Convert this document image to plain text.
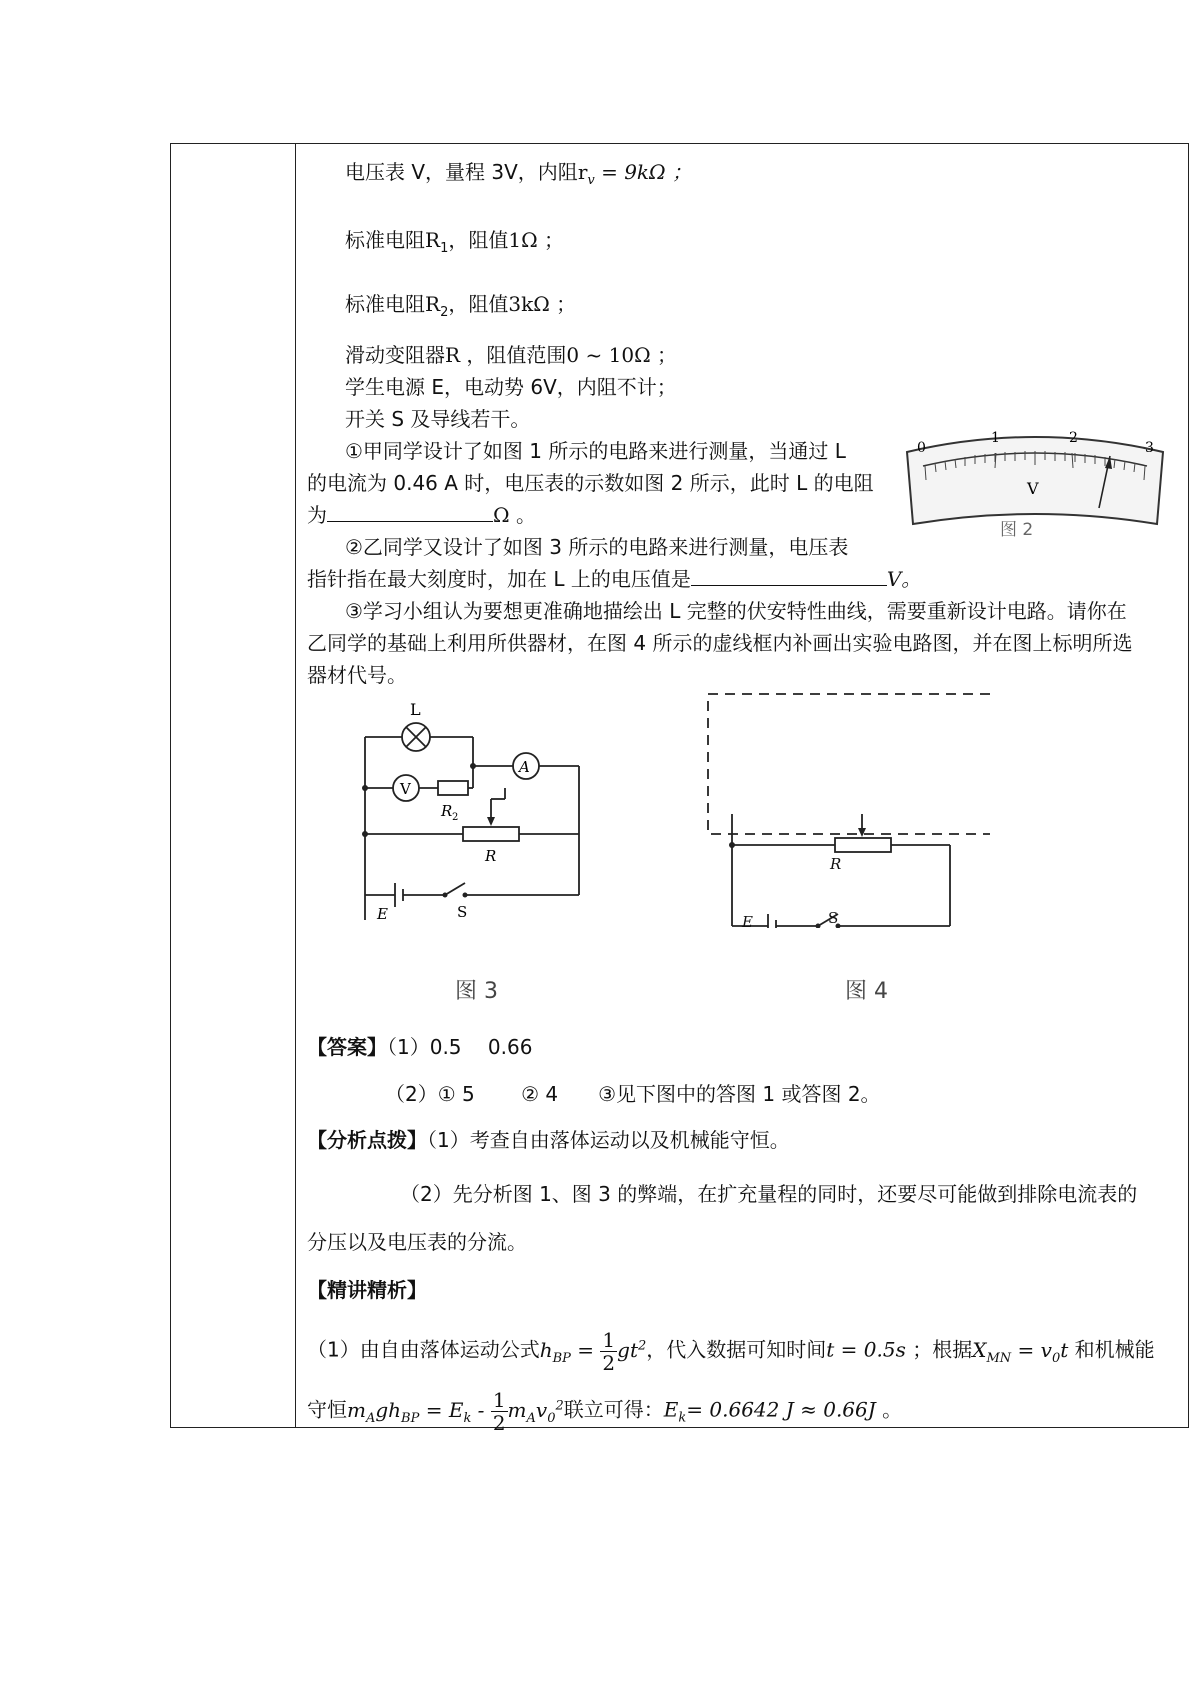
电压表 V，量程 3V，内阻$r_v = 9k\Omega$ ；
标准电阻$R_1$，阻值1Ω ；
标准电阻$R_2$，阻值3kΩ ；
滑动变阻器R ，阻值范围0 ~ 10Ω ；
学生电源 E，电动势 6V，内阻不计；
开关 S 及导线若干。
①甲同学设计了如图 1 所示的电路来进行测量，当通过 L
的电流为 0.46 A 时，电压表的示数如图 2 所示，此时 L 的电阻
为	Ω 。
②乙同学又设计了如图 3 所示的电路来进行测量，电压表
指针指在最大刻度时，加在 L 上的电压值是	V。
③学习小组认为要想更准确地描绘出 L 完整的伏安特性曲线，需要重新设计电路。请你在
乙同学的基础上利用所供器材，在图 4 所示的虚线框内补画出实验电路图，并在图上标明所选
器材代号。
0
1	2
3
V
图 2
L
V
A
R 2
R
E	S
图 3
R
E	S
图 4
【答案】（1）0.5　 0.66
（2）① 5　　 ② 4　　③见下图中的答图 1 或答图 2。
【分析点拨】（1）考查自由落体运动以及机械能守恒。
（2）先分析图 1、图 3 的弊端，在扩充量程的同时，还要尽可能做到排除电流表的
分压以及电压表的分流。
【精讲精析】
（1）由自由落体运动公式$h_{BP} = \frac{1}{2} gt^2$，代入数据可知时间t = 0.5s ；根据$X_{MN} = v_0t$ 和机械能
守恒$m_Agh_{BP} = E_k - \frac{1}{2} m_Av_0^2$联立可得：$E_k= 0.6642$ J ≈ 0.66J 。
